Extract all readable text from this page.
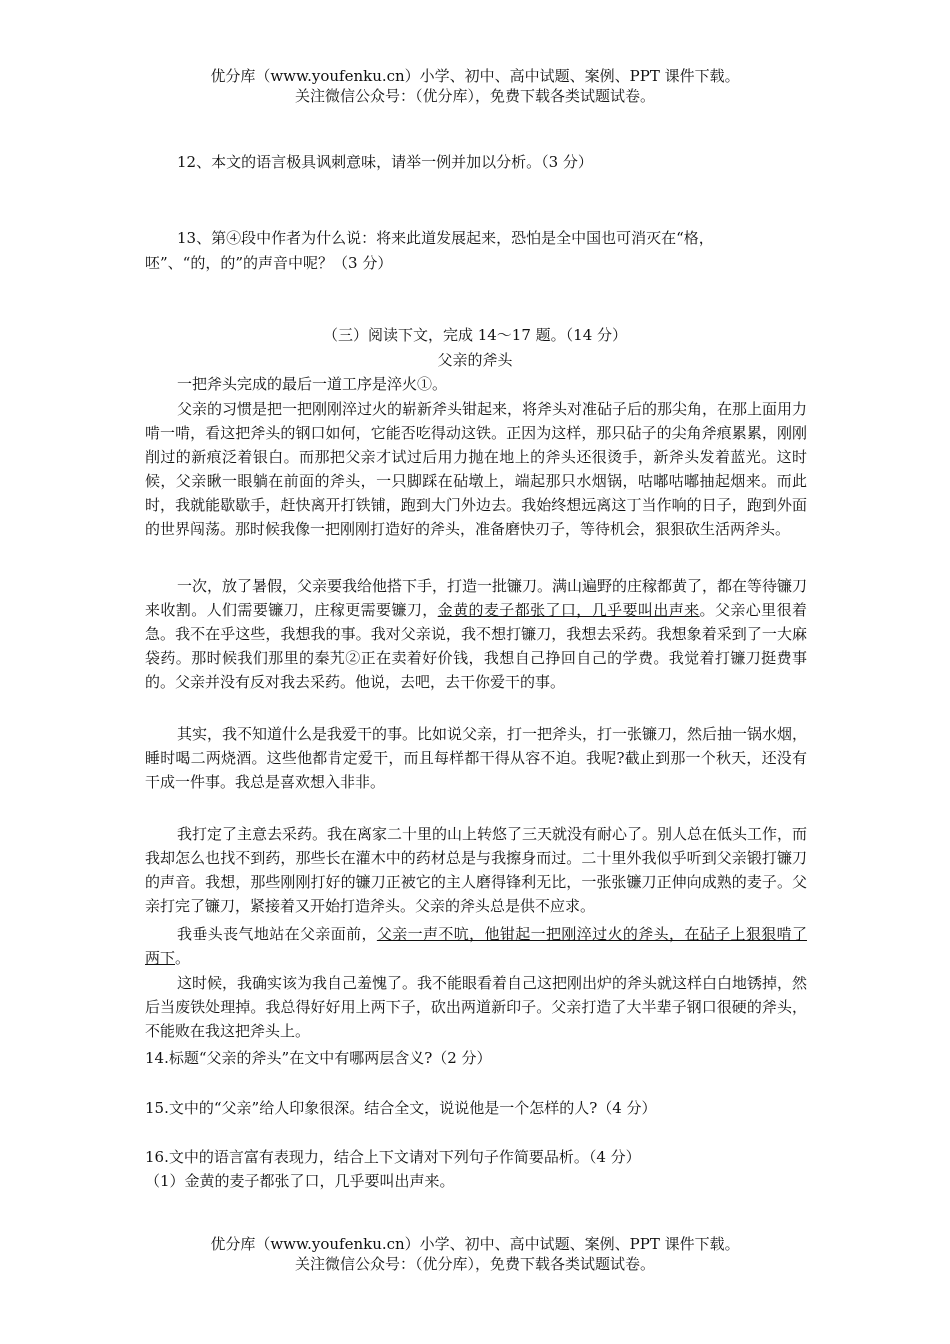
优分库（www.youfenku.cn）小学、初中、高中试题、案例、PPT 课件下载。
关注微信公众号：（优分库），免费下载各类试题试卷。
12、本文的语言极具讽刺意味，请举一例并加以分析。（3 分）
13、第④段中作者为什么说：将来此道发展起来，恐怕是全中国也可消灭在“格，
呸”、“的，的”的声音中呢？（3 分）
（三）阅读下文，完成 14～17 题。（14 分）
父亲的斧头
一把斧头完成的最后一道工序是淬火①。
父亲的习惯是把一把刚刚淬过火的崭新斧头钳起来，将斧头对准砧子后的那尖角，在那上面用力啃一啃，看这把斧头的钢口如何，它能否吃得动这铁。正因为这样，那只砧子的尖角斧痕累累，刚刚削过的新痕泛着银白。而那把父亲才试过后用力抛在地上的斧头还很烫手，新斧头发着蓝光。这时候，父亲瞅一眼躺在前面的斧头，一只脚踩在砧墩上，端起那只水烟锅，咕嘟咕嘟抽起烟来。而此时，我就能歇歇手，赶快离开打铁铺，跑到大门外边去。我始终想远离这丁当作响的日子，跑到外面的世界闯荡。那时候我像一把刚刚打造好的斧头，准备磨快刃子，等待机会，狠狠砍生活两斧头。
一次，放了暑假，父亲要我给他搭下手，打造一批镰刀。满山遍野的庄稼都黄了，都在等待镰刀来收割。人们需要镰刀，庄稼更需要镰刀，金黄的麦子都张了口，几乎要叫出声来。父亲心里很着急。我不在乎这些，我想我的事。我对父亲说，我不想打镰刀，我想去采药。我想象着采到了一大麻袋药。那时候我们那里的秦艽②正在卖着好价钱，我想自己挣回自己的学费。我觉着打镰刀挺费事的。父亲并没有反对我去采药。他说，去吧，去干你爱干的事。
其实，我不知道什么是我爱干的事。比如说父亲，打一把斧头，打一张镰刀，然后抽一锅水烟，睡时喝二两烧酒。这些他都肯定爱干，而且每样都干得从容不迫。我呢?截止到那一个秋天，还没有干成一件事。我总是喜欢想入非非。
我打定了主意去采药。我在离家二十里的山上转悠了三天就没有耐心了。别人总在低头工作，而我却怎么也找不到药，那些长在灌木中的药材总是与我擦身而过。二十里外我似乎听到父亲锻打镰刀的声音。我想，那些刚刚打好的镰刀正被它的主人磨得锋利无比，一张张镰刀正伸向成熟的麦子。父亲打完了镰刀，紧接着又开始打造斧头。父亲的斧头总是供不应求。
我垂头丧气地站在父亲面前，父亲一声不吭，他钳起一把刚淬过火的斧头，在砧子上狠狠啃了两下。
这时候，我确实该为我自己羞愧了。我不能眼看着自己这把刚出炉的斧头就这样白白地锈掉，然后当废铁处理掉。我总得好好用上两下子，砍出两道新印子。父亲打造了大半辈子钢口很硬的斧头，不能败在我这把斧头上。
14.标题“父亲的斧头”在文中有哪两层含义?（2 分）
15.文中的“父亲”给人印象很深。结合全文，说说他是一个怎样的人?（4 分）
16.文中的语言富有表现力，结合上下文请对下列句子作简要品析。（4 分）
（1）金黄的麦子都张了口，几乎要叫出声来。
优分库（www.youfenku.cn）小学、初中、高中试题、案例、PPT 课件下载。
关注微信公众号：（优分库），免费下载各类试题试卷。
